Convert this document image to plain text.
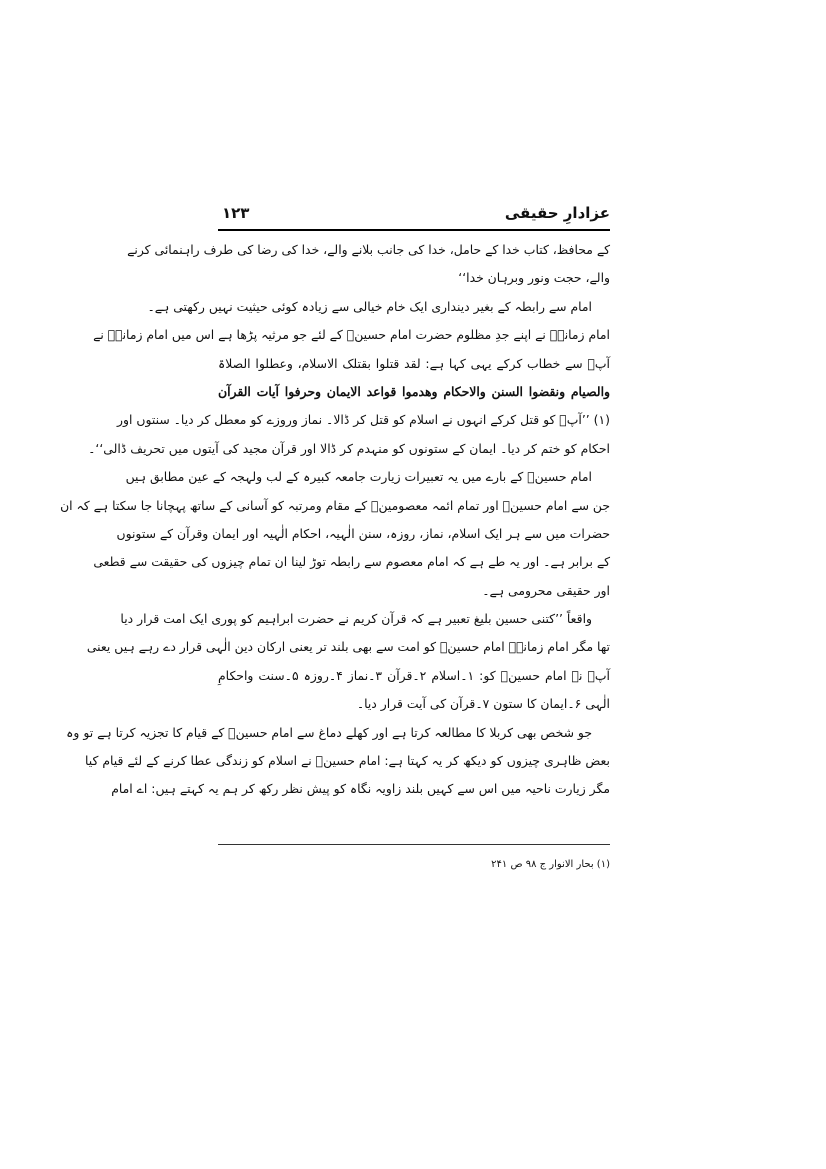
عزادارِ حقیقی
۱۲۳
کے محافظ، کتاب خدا کے حامل، خدا کی جانب بلانے والے، خدا کی رضا کی طرف راہنمائی کرنے
والے، حجت ونور وبرہان خدا‘‘
امام سے رابطہ کے بغیر دینداری ایک خام خیالی سے زیادہ کوئی حیثیت نہیں رکھتی ہے۔
امام زمانہؑ نے اپنے جدِ مظلوم حضرت امام حسینؑ کے لئے جو مرثیہ پڑھا ہے اس میں امام زمانہؑ نے
آپؑ سے خطاب کرکے یہی کہا ہے: لقد قتلوا بقتلک الاسلام، وعطلوا الصلاۃ
والصیام ونقضوا السنن والاحکام وھدموا قواعد الایمان وحرفوا آیات القرآن
(۱) ’’آپؑ کو قتل کرکے انہوں نے اسلام کو قتل کر ڈالا۔ نماز وروزے کو معطل کر دیا۔ سنتوں اور
احکام کو ختم کر دیا۔ ایمان کے ستونوں کو منہدم کر ڈالا اور قرآن مجید کی آیتوں میں تحریف ڈالی‘‘۔
امام حسینؑ کے بارے میں یہ تعبیرات زیارت جامعہ کبیرہ کے لب ولہجہ کے عین مطابق ہیں
جن سے امام حسینؑ اور تمام ائمہ معصومینؑ کے مقام ومرتبہ کو آسانی کے ساتھ پہچانا جا سکتا ہے کہ ان
حضرات میں سے ہر ایک اسلام، نماز، روزہ، سنن الٰہیہ، احکام الٰہیہ اور ایمان وقرآن کے ستونوں
کے برابر ہے۔ اور یہ طے ہے کہ امام معصوم سے رابطہ توڑ لینا ان تمام چیزوں کی حقیقت سے قطعی
اور حقیقی محرومی ہے۔
واقعاً ’’کتنی حسین بلیغ تعبیر ہے کہ قرآن کریم نے حضرت ابراہیم کو پوری ایک امت قرار دیا
تھا مگر امام زمانہؑ امام حسینؑ کو امت سے بھی بلند تر یعنی ارکان دین الٰہی قرار دے رہے ہیں یعنی
آپؑ نے امام حسینؑ کو: ۱۔اسلام ۲۔قرآن ۳۔نماز ۴۔روزہ ۵۔سنت واحکامِ
الٰہی ۶۔ایمان کا ستون ۷۔قرآن کی آیت قرار دیا۔
جو شخص بھی کربلا کا مطالعہ کرتا ہے اور کھلے دماغ سے امام حسینؑ کے قیام کا تجزیہ کرتا ہے تو وہ
بعض ظاہری چیزوں کو دیکھ کر یہ کہتا ہے: امام حسینؑ نے اسلام کو زندگی عطا کرنے کے لئے قیام کیا
مگر زیارت ناحیہ میں اس سے کہیں بلند زاویہ نگاہ کو پیش نظر رکھ کر ہم یہ کہتے ہیں: اے امام
(۱) بحار الانوار ج ۹۸ ص ۲۴۱
